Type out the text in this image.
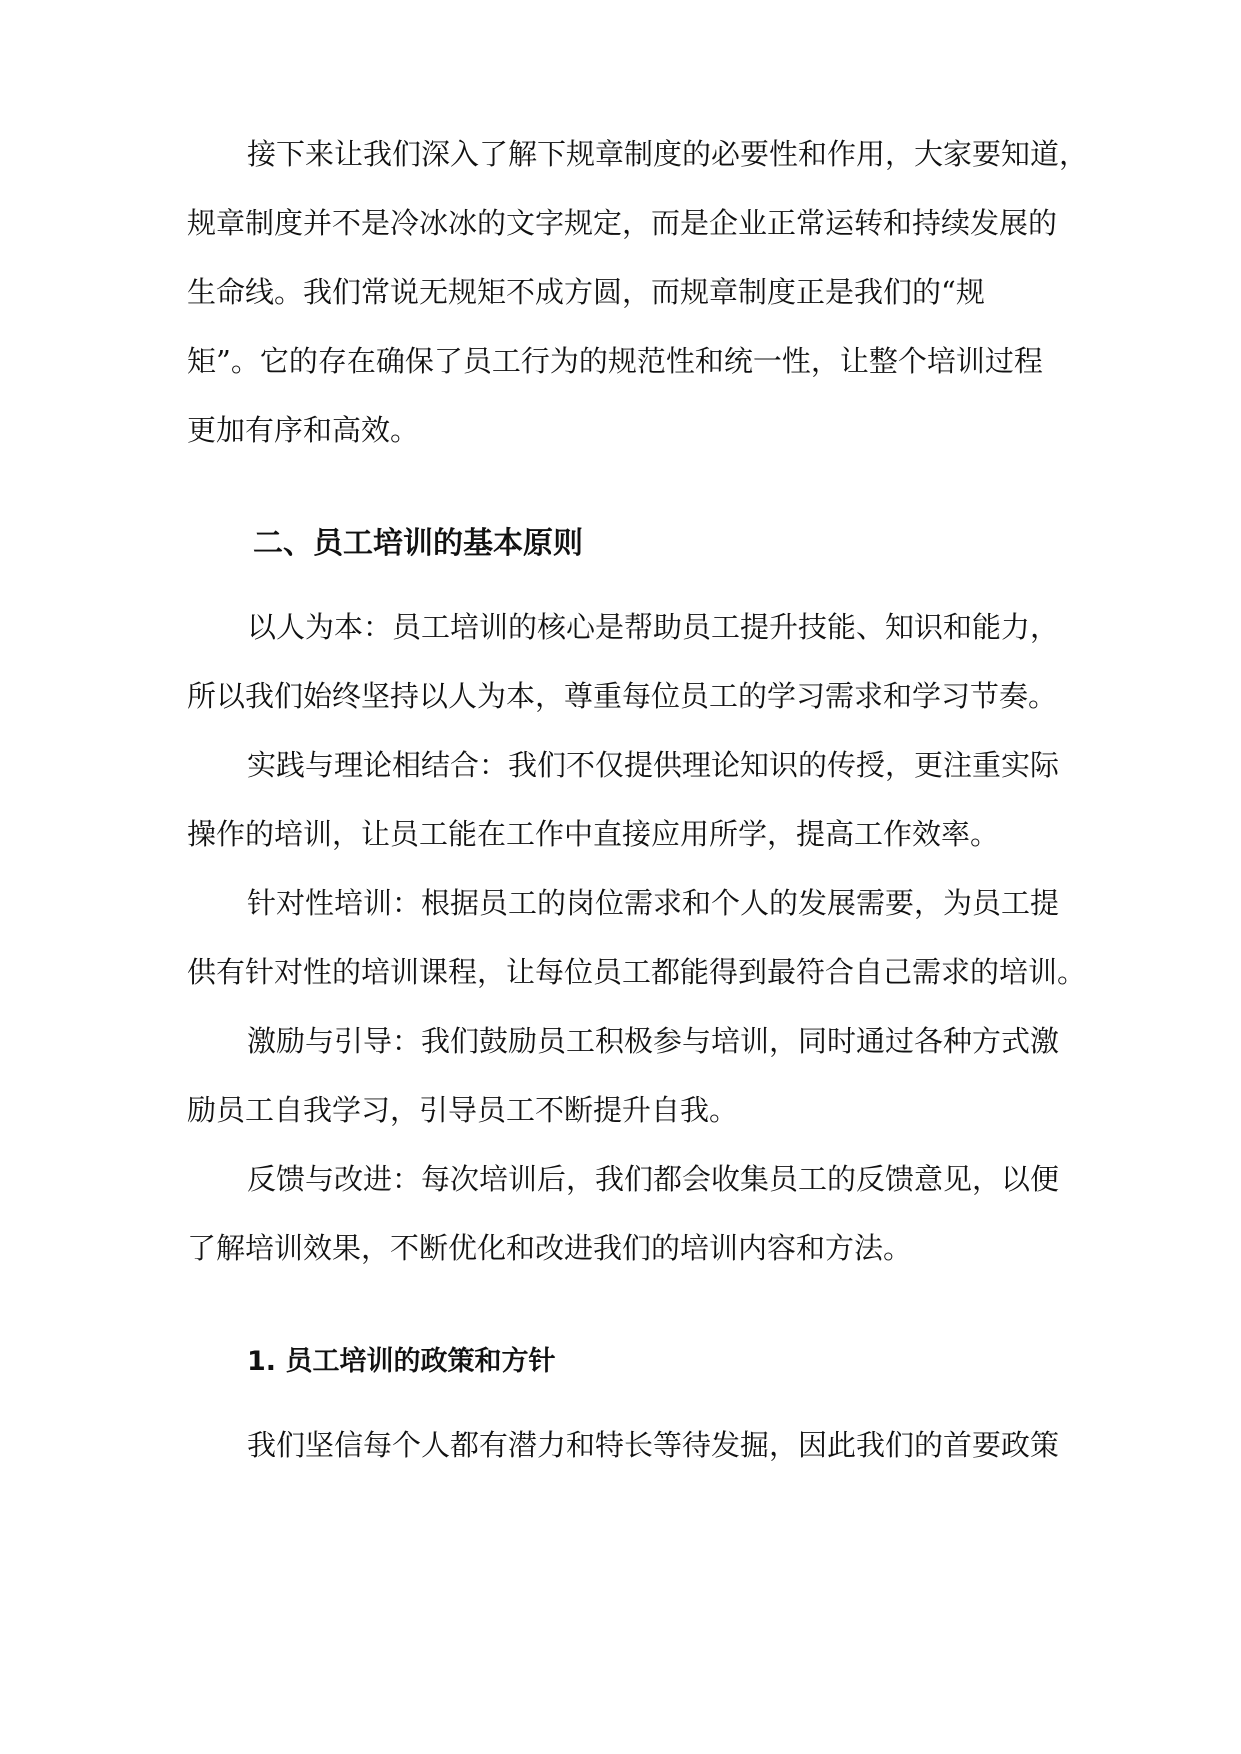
接下来让我们深入了解下规章制度的必要性和作用，大家要知道，

规章制度并不是冷冰冰的文字规定，而是企业正常运转和持续发展的

生命线。我们常说无规矩不成方圆，而规章制度正是我们的“规

矩”。它的存在确保了员工行为的规范性和统一性，让整个培训过程

更加有序和高效。

二、员工培训的基本原则

以人为本：员工培训的核心是帮助员工提升技能、知识和能力，

所以我们始终坚持以人为本，尊重每位员工的学习需求和学习节奏。

实践与理论相结合：我们不仅提供理论知识的传授，更注重实际

操作的培训，让员工能在工作中直接应用所学，提高工作效率。

针对性培训：根据员工的岗位需求和个人的发展需要，为员工提

供有针对性的培训课程，让每位员工都能得到最符合自己需求的培训。

激励与引导：我们鼓励员工积极参与培训，同时通过各种方式激

励员工自我学习，引导员工不断提升自我。

反馈与改进：每次培训后，我们都会收集员工的反馈意见，以便

了解培训效果，不断优化和改进我们的培训内容和方法。

1. 员工培训的政策和方针

我们坚信每个人都有潜力和特长等待发掘，因此我们的首要政策
